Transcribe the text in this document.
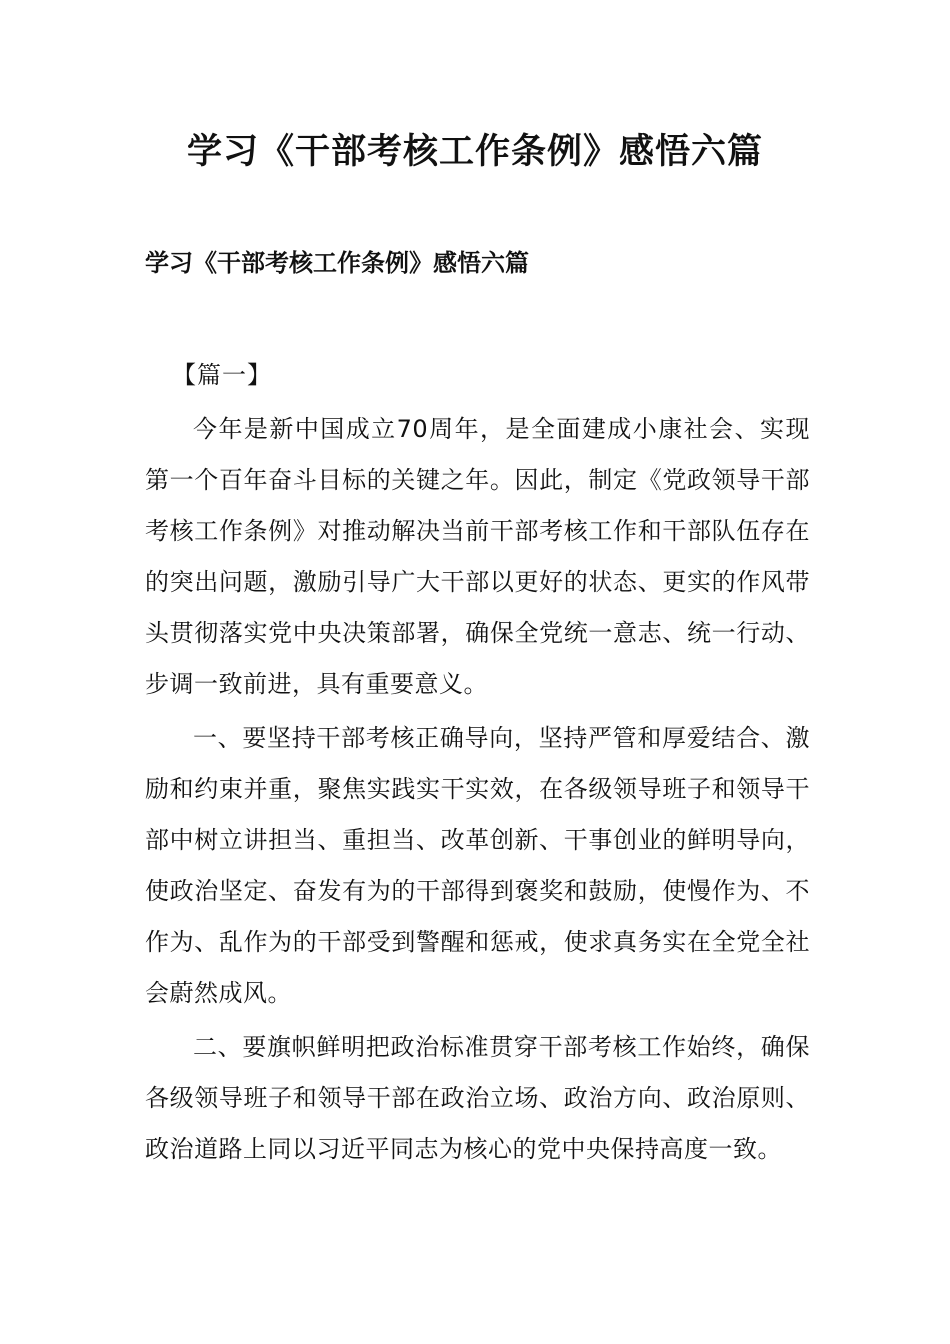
学习《干部考核工作条例》感悟六篇
学习《干部考核工作条例》感悟六篇
【篇一】

今年是新中国成立70周年，是全面建成小康社会、实现第一个百年奋斗目标的关键之年。因此，制定《党政领导干部考核工作条例》对推动解决当前干部考核工作和干部队伍存在的突出问题，激励引导广大干部以更好的状态、更实的作风带头贯彻落实党中央决策部署，确保全党统一意志、统一行动、步调一致前进，具有重要意义。

一、要坚持干部考核正确导向，坚持严管和厚爱结合、激励和约束并重，聚焦实践实干实效，在各级领导班子和领导干部中树立讲担当、重担当、改革创新、干事创业的鲜明导向，使政治坚定、奋发有为的干部得到褒奖和鼓励，使慢作为、不作为、乱作为的干部受到警醒和惩戒，使求真务实在全党全社会蔚然成风。

二、要旗帜鲜明把政治标准贯穿干部考核工作始终，确保各级领导班子和领导干部在政治立场、政治方向、政治原则、政治道路上同以习近平同志为核心的党中央保持高度一致。
